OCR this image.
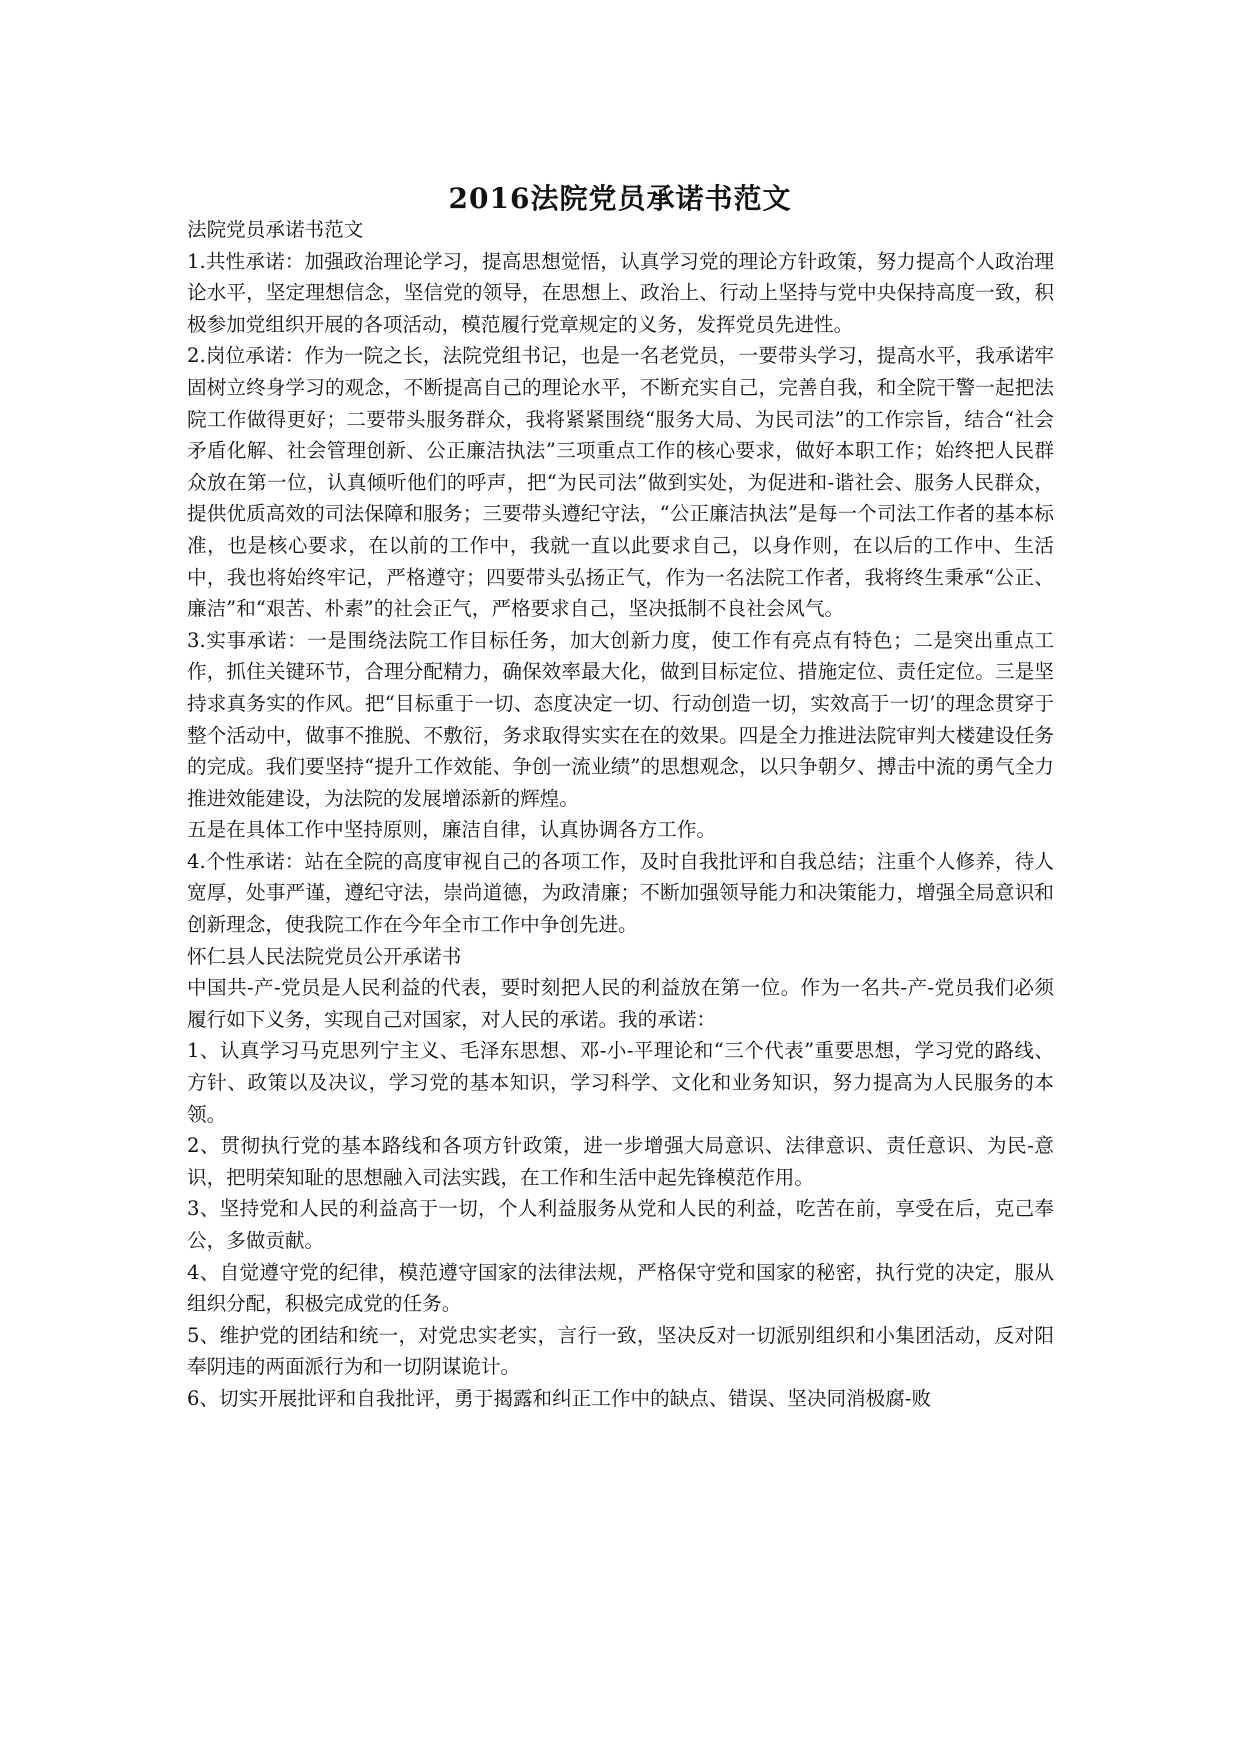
2016法院党员承诺书范文

法院党员承诺书范文

1.共性承诺：加强政治理论学习，提高思想觉悟，认真学习党的理论方针政策，努力提高个人政治理论水平，坚定理想信念，坚信党的领导，在思想上、政治上、行动上坚持与党中央保持高度一致，积极参加党组织开展的各项活动，模范履行党章规定的义务，发挥党员先进性。

2.岗位承诺：作为一院之长，法院党组书记，也是一名老党员，一要带头学习，提高水平，我承诺牢固树立终身学习的观念，不断提高自己的理论水平，不断充实自己，完善自我，和全院干警一起把法院工作做得更好；二要带头服务群众，我将紧紧围绕“服务大局、为民司法”的工作宗旨，结合“社会矛盾化解、社会管理创新、公正廉洁执法”三项重点工作的核心要求，做好本职工作；始终把人民群众放在第一位，认真倾听他们的呼声，把“为民司法”做到实处，为促进和-谐社会、服务人民群众，提供优质高效的司法保障和服务；三要带头遵纪守法，“公正廉洁执法”是每一个司法工作者的基本标准，也是核心要求，在以前的工作中，我就一直以此要求自己，以身作则，在以后的工作中、生活中，我也将始终牢记，严格遵守；四要带头弘扬正气，作为一名法院工作者，我将终生秉承“公正、廉洁”和“艰苦、朴素”的社会正气，严格要求自己，坚决抵制不良社会风气。

3.实事承诺：一是围绕法院工作目标任务，加大创新力度，使工作有亮点有特色；二是突出重点工作，抓住关键环节，合理分配精力，确保效率最大化，做到目标定位、措施定位、责任定位。三是坚持求真务实的作风。把“目标重于一切、态度决定一切、行动创造一切，实效高于一切’的理念贯穿于整个活动中，做事不推脱、不敷衍，务求取得实实在在的效果。四是全力推进法院审判大楼建设任务的完成。我们要坚持“提升工作效能、争创一流业绩”的思想观念，以只争朝夕、搏击中流的勇气全力推进效能建设，为法院的发展增添新的辉煌。

五是在具体工作中坚持原则，廉洁自律，认真协调各方工作。

4.个性承诺：站在全院的高度审视自己的各项工作，及时自我批评和自我总结；注重个人修养，待人宽厚，处事严谨，遵纪守法，崇尚道德，为政清廉；不断加强领导能力和决策能力，增强全局意识和创新理念，使我院工作在今年全市工作中争创先进。

怀仁县人民法院党员公开承诺书

中国共-产-党员是人民利益的代表，要时刻把人民的利益放在第一位。作为一名共-产-党员我们必须履行如下义务，实现自己对国家，对人民的承诺。我的承诺：

1、认真学习马克思列宁主义、毛泽东思想、邓-小-平理论和“三个代表”重要思想，学习党的路线、方针、政策以及决议，学习党的基本知识，学习科学、文化和业务知识，努力提高为人民服务的本领。

2、贯彻执行党的基本路线和各项方针政策，进一步增强大局意识、法律意识、责任意识、为民-意识，把明荣知耻的思想融入司法实践，在工作和生活中起先锋模范作用。

3、坚持党和人民的利益高于一切，个人利益服务从党和人民的利益，吃苦在前，享受在后，克己奉公，多做贡献。

4、自觉遵守党的纪律，模范遵守国家的法律法规，严格保守党和国家的秘密，执行党的决定，服从组织分配，积极完成党的任务。

5、维护党的团结和统一，对党忠实老实，言行一致，坚决反对一切派别组织和小集团活动，反对阳奉阴违的两面派行为和一切阴谋诡计。

6、切实开展批评和自我批评，勇于揭露和纠正工作中的缺点、错误、坚决同消极腐-败
